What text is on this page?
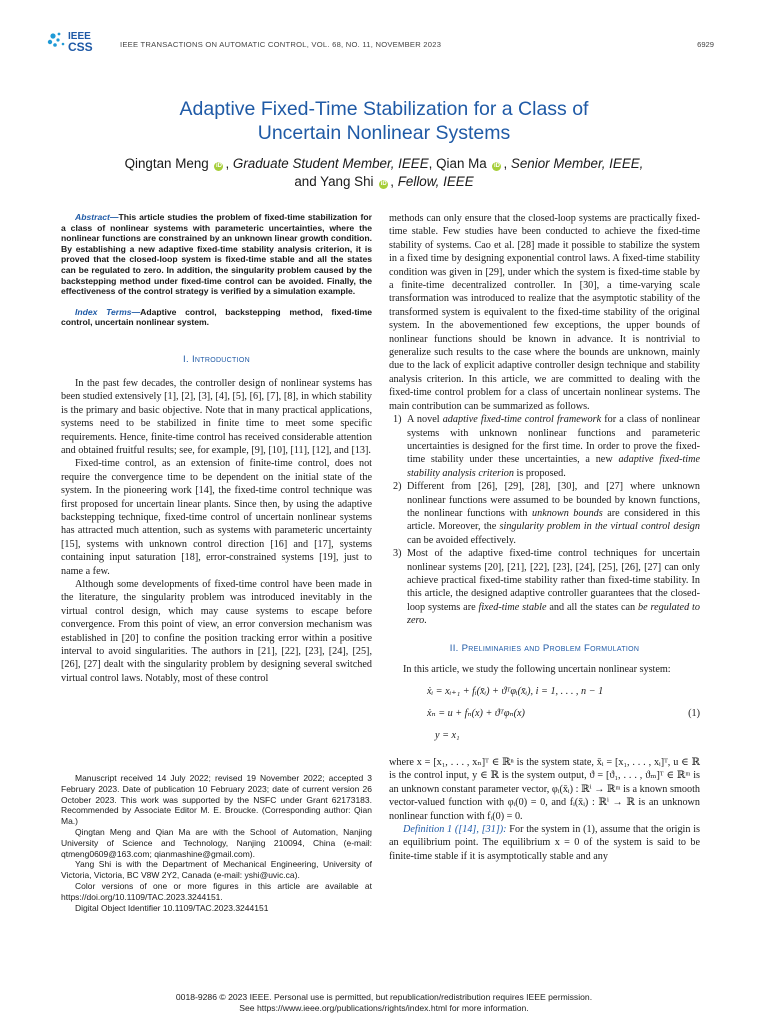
IEEE
CSS	IEEE TRANSACTIONS ON AUTOMATIC CONTROL, VOL. 68, NO. 11, NOVEMBER 2023	6929
Adaptive Fixed-Time Stabilization for a Class of
Uncertain Nonlinear Systems
Qingtan Meng iD , Graduate Student Member, IEEE, Qian Ma iD , Senior Member, IEEE,
and Yang Shi iD , Fellow, IEEE

Abstract—This article studies the problem of fixed-time stabilization for a class of nonlinear systems with parameteric uncertainties, where the nonlinear functions are constrained by an unknown linear growth condition. By establishing a new adaptive fixed-time stability analysis criterion, it is proved that the closed-loop system is fixed-time stable and all the states can be regulated to zero. In addition, the singularity problem caused by the backstepping method under fixed-time control can be avoided. Finally, the effectiveness of the control strategy is verified by a simulation example.

Index Terms—Adaptive control, backstepping method, fixed-time control, uncertain nonlinear system.

I. Introduction

In the past few decades, the controller design of nonlinear systems has been studied extensively [1], [2], [3], [4], [5], [6], [7], [8], in which stability is the primary and basic objective. Note that in many practical applications, systems need to be stabilized in finite time to meet some specific requirements. Hence, finite-time control has received considerable attention and obtained fruitful results; see, for example, [9], [10], [11], [12], and [13].

Fixed-time control, as an extension of finite-time control, does not require the convergence time to be dependent on the initial state of the system. In the pioneering work [14], the fixed-time control technique was first proposed for uncertain linear plants. Since then, by using the adaptive backstepping technique, fixed-time control of uncertain nonlinear systems has attracted much attention, such as systems with parameteric uncertainty [15], systems with unknown control direction [16] and [17], systems containing input saturation [18], error-constrained systems [19], just to name a few.

Although some developments of fixed-time control have been made in the literature, the singularity problem was introduced inevitably in the virtual control design, which may cause systems to escape before convergence. From this point of view, an error conversion mechanism was established in [20] to confine the position tracking error within a positive interval to avoid singularities. The authors in [21], [22], [23], [24], [25], [26], [27] dealt with the singularity problem by designing several switched virtual control laws. Notably, most of these control

Manuscript received 14 July 2022; revised 19 November 2022; accepted 3 February 2023. Date of publication 10 February 2023; date of current version 26 October 2023. This work was supported by the NSFC under Grant 62173183. Recommended by Associate Editor M. E. Broucke. (Corresponding author: Qian Ma.)

Qingtan Meng and Qian Ma are with the School of Automation, Nanjing University of Science and Technology, Nanjing 210094, China (e-mail: qtmeng0609@163.com; qianmashine@gmail.com).

Yang Shi is with the Department of Mechanical Engineering, University of Victoria, Victoria, BC V8W 2Y2, Canada (e-mail: yshi@uvic.ca).

Color versions of one or more figures in this article are available at https://doi.org/10.1109/TAC.2023.3244151.

Digital Object Identifier 10.1109/TAC.2023.3244151

methods can only ensure that the closed-loop systems are practically fixed-time stable. Few studies have been conducted to achieve the fixed-time stability of systems. Cao et al. [28] made it possible to stabilize the system in a fixed time by designing exponential control laws. A fixed-time stability condition was given in [29], under which the system is fixed-time stable by a finite-time decentralized controller. In [30], a time-varying scale transformation was introduced to realize that the asymptotic stability of the transformed system is equivalent to the fixed-time stability of the original system. In the abovementioned few exceptions, the upper bounds of nonlinear functions should be known in advance. It is nontrivial to generalize such results to the case where the bounds are unknown, mainly due to the lack of explicit adaptive controller design technique and stability analysis criterion. In this article, we are committed to dealing with the fixed-time control problem for a class of uncertain nonlinear systems. The main contribution can be summarized as follows.

1) A novel adaptive fixed-time control framework for a class of nonlinear systems with unknown nonlinear functions and parameteric uncertainties is designed for the first time. In order to prove the fixed-time stability under these uncertainties, a new adaptive fixed-time stability analysis criterion is proposed.
2) Different from [26], [29], [28], [30], and [27] where unknown nonlinear functions were assumed to be bounded by known functions, the nonlinear functions with unknown bounds are considered in this article. Moreover, the singularity problem in the virtual control design can be avoided effectively.
3) Most of the adaptive fixed-time control techniques for uncertain nonlinear systems [20], [21], [22], [23], [24], [25], [26], [27] can only achieve practical fixed-time stability rather than fixed-time stability. In this article, the designed adaptive controller guarantees that the closed-loop systems are fixed-time stable and all the states can be regulated to zero.

II. Preliminaries and Problem Formulation

In this article, we study the following uncertain nonlinear system:

ẋᵢ = xᵢ₊₁ + fᵢ(x̄ᵢ) + ϑᵀφᵢ(x̄ᵢ), i = 1, . . . , n − 1
ẋₙ = u + fₙ(x) + ϑᵀφₙ(x)	(1)
y = x₁

where x = [x₁, . . . , xₙ]ᵀ ∈ ℝⁿ is the system state, x̄ᵢ = [x₁, . . . , xᵢ]ᵀ, u ∈ ℝ is the control input, y ∈ ℝ is the system output, ϑ = [ϑ₁, . . . , ϑₘ]ᵀ ∈ ℝᵐ is an unknown constant parameter vector, φᵢ(x̄ᵢ) : ℝⁱ → ℝᵐ is a known smooth vector-valued function with φᵢ(0) = 0, and fᵢ(x̄ᵢ) : ℝⁱ → ℝ is an unknown nonlinear function with fᵢ(0) = 0.

Definition 1 ([14], [31]): For the system in (1), assume that the origin is an equilibrium point. The equilibrium x = 0 of the system is said to be finite-time stable if it is asymptotically stable and any

0018-9286 © 2023 IEEE. Personal use is permitted, but republication/redistribution requires IEEE permission.
See https://www.ieee.org/publications/rights/index.html for more information.
